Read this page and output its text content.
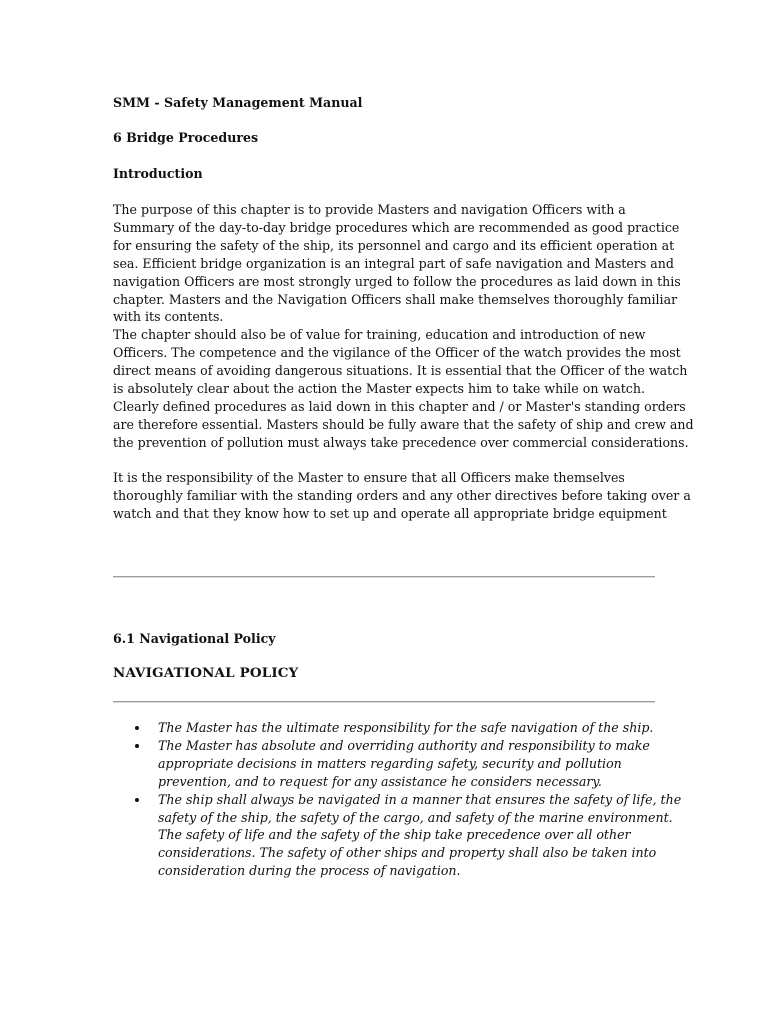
SMM - Safety Management Manual

6 Bridge Procedures

Introduction

The purpose of this chapter is to provide Masters and navigation Officers with a
Summary of the day-to-day bridge procedures which are recommended as good practice
for ensuring the safety of the ship, its personnel and cargo and its efficient operation at
sea. Efficient bridge organization is an integral part of safe navigation and Masters and
navigation Officers are most strongly urged to follow the procedures as laid down in this
chapter. Masters and the Navigation Officers shall make themselves thoroughly familiar
with its contents.
The chapter should also be of value for training, education and introduction of new
Officers. The competence and the vigilance of the Officer of the watch provides the most
direct means of avoiding dangerous situations. It is essential that the Officer of the watch
is absolutely clear about the action the Master expects him to take while on watch.
Clearly defined procedures as laid down in this chapter and / or Master's standing orders
are therefore essential. Masters should be fully aware that the safety of ship and crew and
the prevention of pollution must always take precedence over commercial considerations.
It is the responsibility of the Master to ensure that all Officers make themselves
thoroughly familiar with the standing orders and any other directives before taking over a
watch and that they know how to set up and operate all appropriate bridge equipment

6.1 Navigational Policy

NAVIGATIONAL POLICY

The Master has the ultimate responsibility for the safe navigation of the ship.
The Master has absolute and overriding authority and responsibility to make
appropriate decisions in matters regarding safety, security and pollution
prevention, and to request for any assistance he considers necessary.
The ship shall always be navigated in a manner that ensures the safety of life, the
safety of the ship, the safety of the cargo, and safety of the marine environment.
The safety of life and the safety of the ship take precedence over all other
considerations. The safety of other ships and property shall also be taken into
consideration during the process of navigation.
